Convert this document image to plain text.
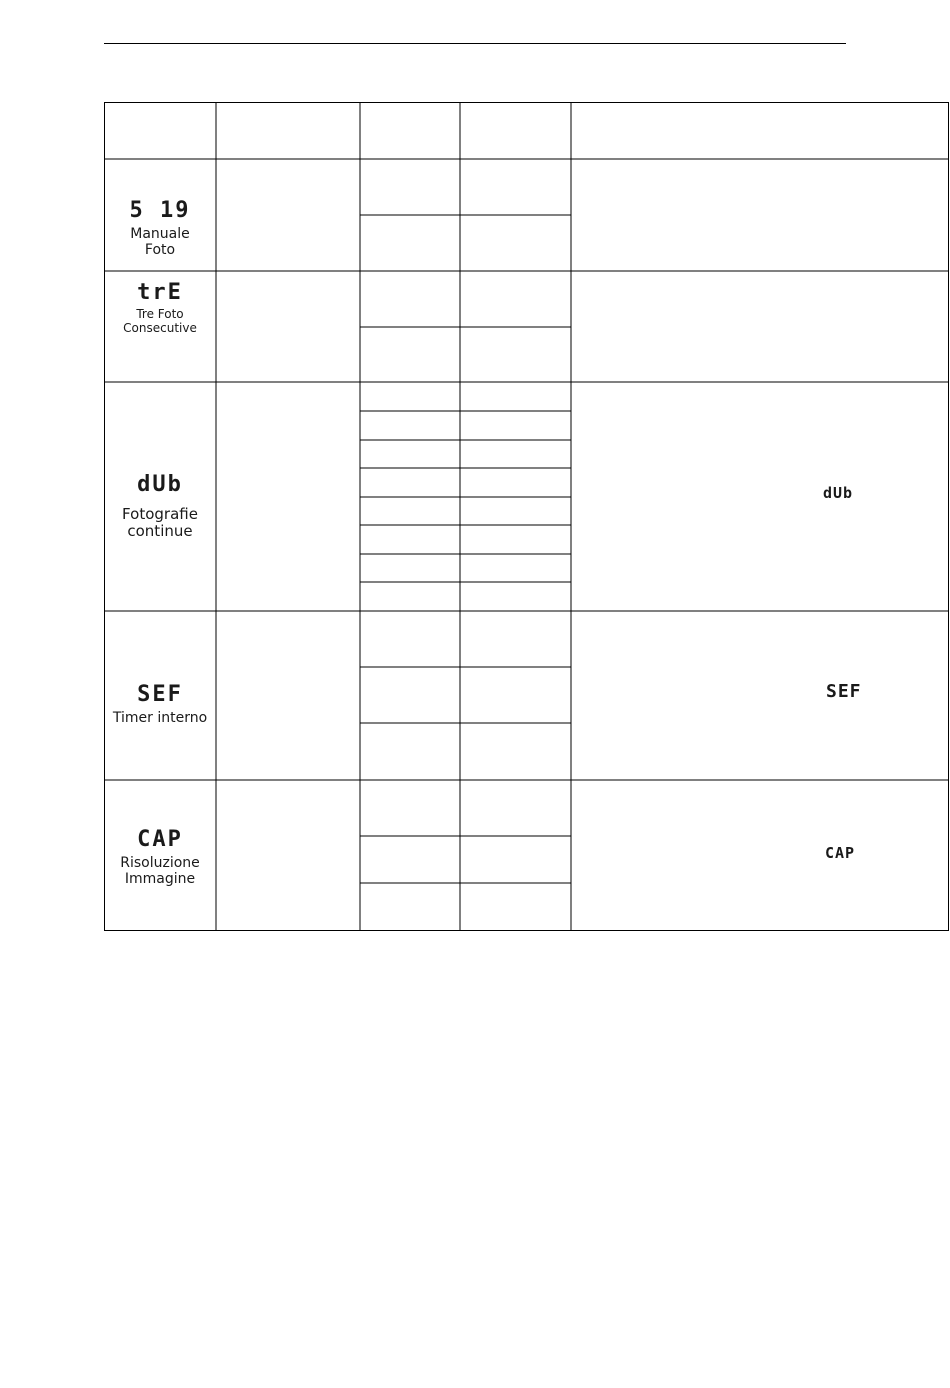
5 19
Manuale
Foto
trE
Tre Foto
Consecutive
dUb
Fotografie
continue
SEF
Timer interno
CAP
Risoluzione
Immagine
dUb
SEF
CAP
